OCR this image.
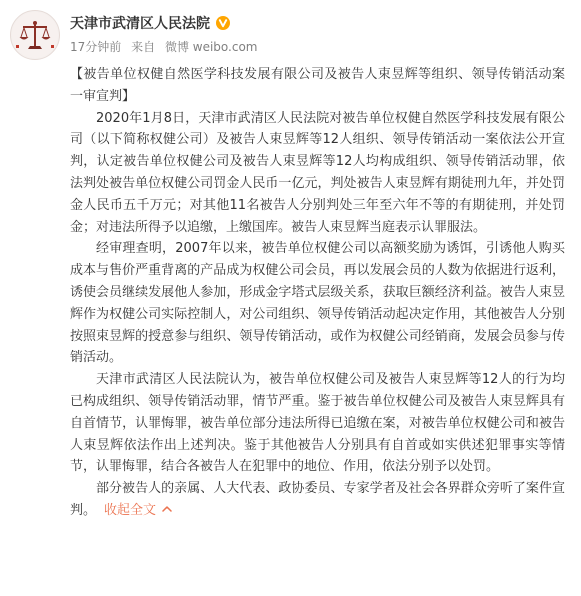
天津市武清区人民法院
17分钟前 来自 微博 weibo.com

【被告单位权健自然医学科技发展有限公司及被告人束昱辉等组织、领导传销活动案 一审宣判】

2020年1月8日，天津市武清区人民法院对被告单位权健自然医学科技发展有限公司（以下简称权健公司）及被告人束昱辉等12人组织、领导传销活动一案依法公开宣判，认定被告单位权健公司及被告人束昱辉等12人均构成组织、领导传销活动罪，依法判处被告单位权健公司罚金人民币一亿元，判处被告人束昱辉有期徒刑九年，并处罚金人民币五千万元；对其他11名被告人分别判处三年至六年不等的有期徒刑，并处罚金；对违法所得予以追缴，上缴国库。被告人束昱辉当庭表示认罪服法。

经审理查明，2007年以来，被告单位权健公司以高额奖励为诱饵，引诱他人购买成本与售价严重背离的产品成为权健公司会员，再以发展会员的人数为依据进行返利，诱使会员继续发展他人参加，形成金字塔式层级关系，获取巨额经济利益。被告人束昱辉作为权健公司实际控制人，对公司组织、领导传销活动起决定作用，其他被告人分别按照束昱辉的授意参与组织、领导传销活动，或作为权健公司经销商，发展会员参与传销活动。

天津市武清区人民法院认为，被告单位权健公司及被告人束昱辉等12人的行为均已构成组织、领导传销活动罪，情节严重。鉴于被告单位权健公司及被告人束昱辉具有自首情节，认罪悔罪，被告单位部分违法所得已追缴在案，对被告单位权健公司和被告人束昱辉依法作出上述判决。鉴于其他被告人分别具有自首或如实供述犯罪事实等情节，认罪悔罪，结合各被告人在犯罪中的地位、作用，依法分别予以处罚。

部分被告人的亲属、人大代表、政协委员、专家学者及社会各界群众旁听了案件宣判。 收起全文
